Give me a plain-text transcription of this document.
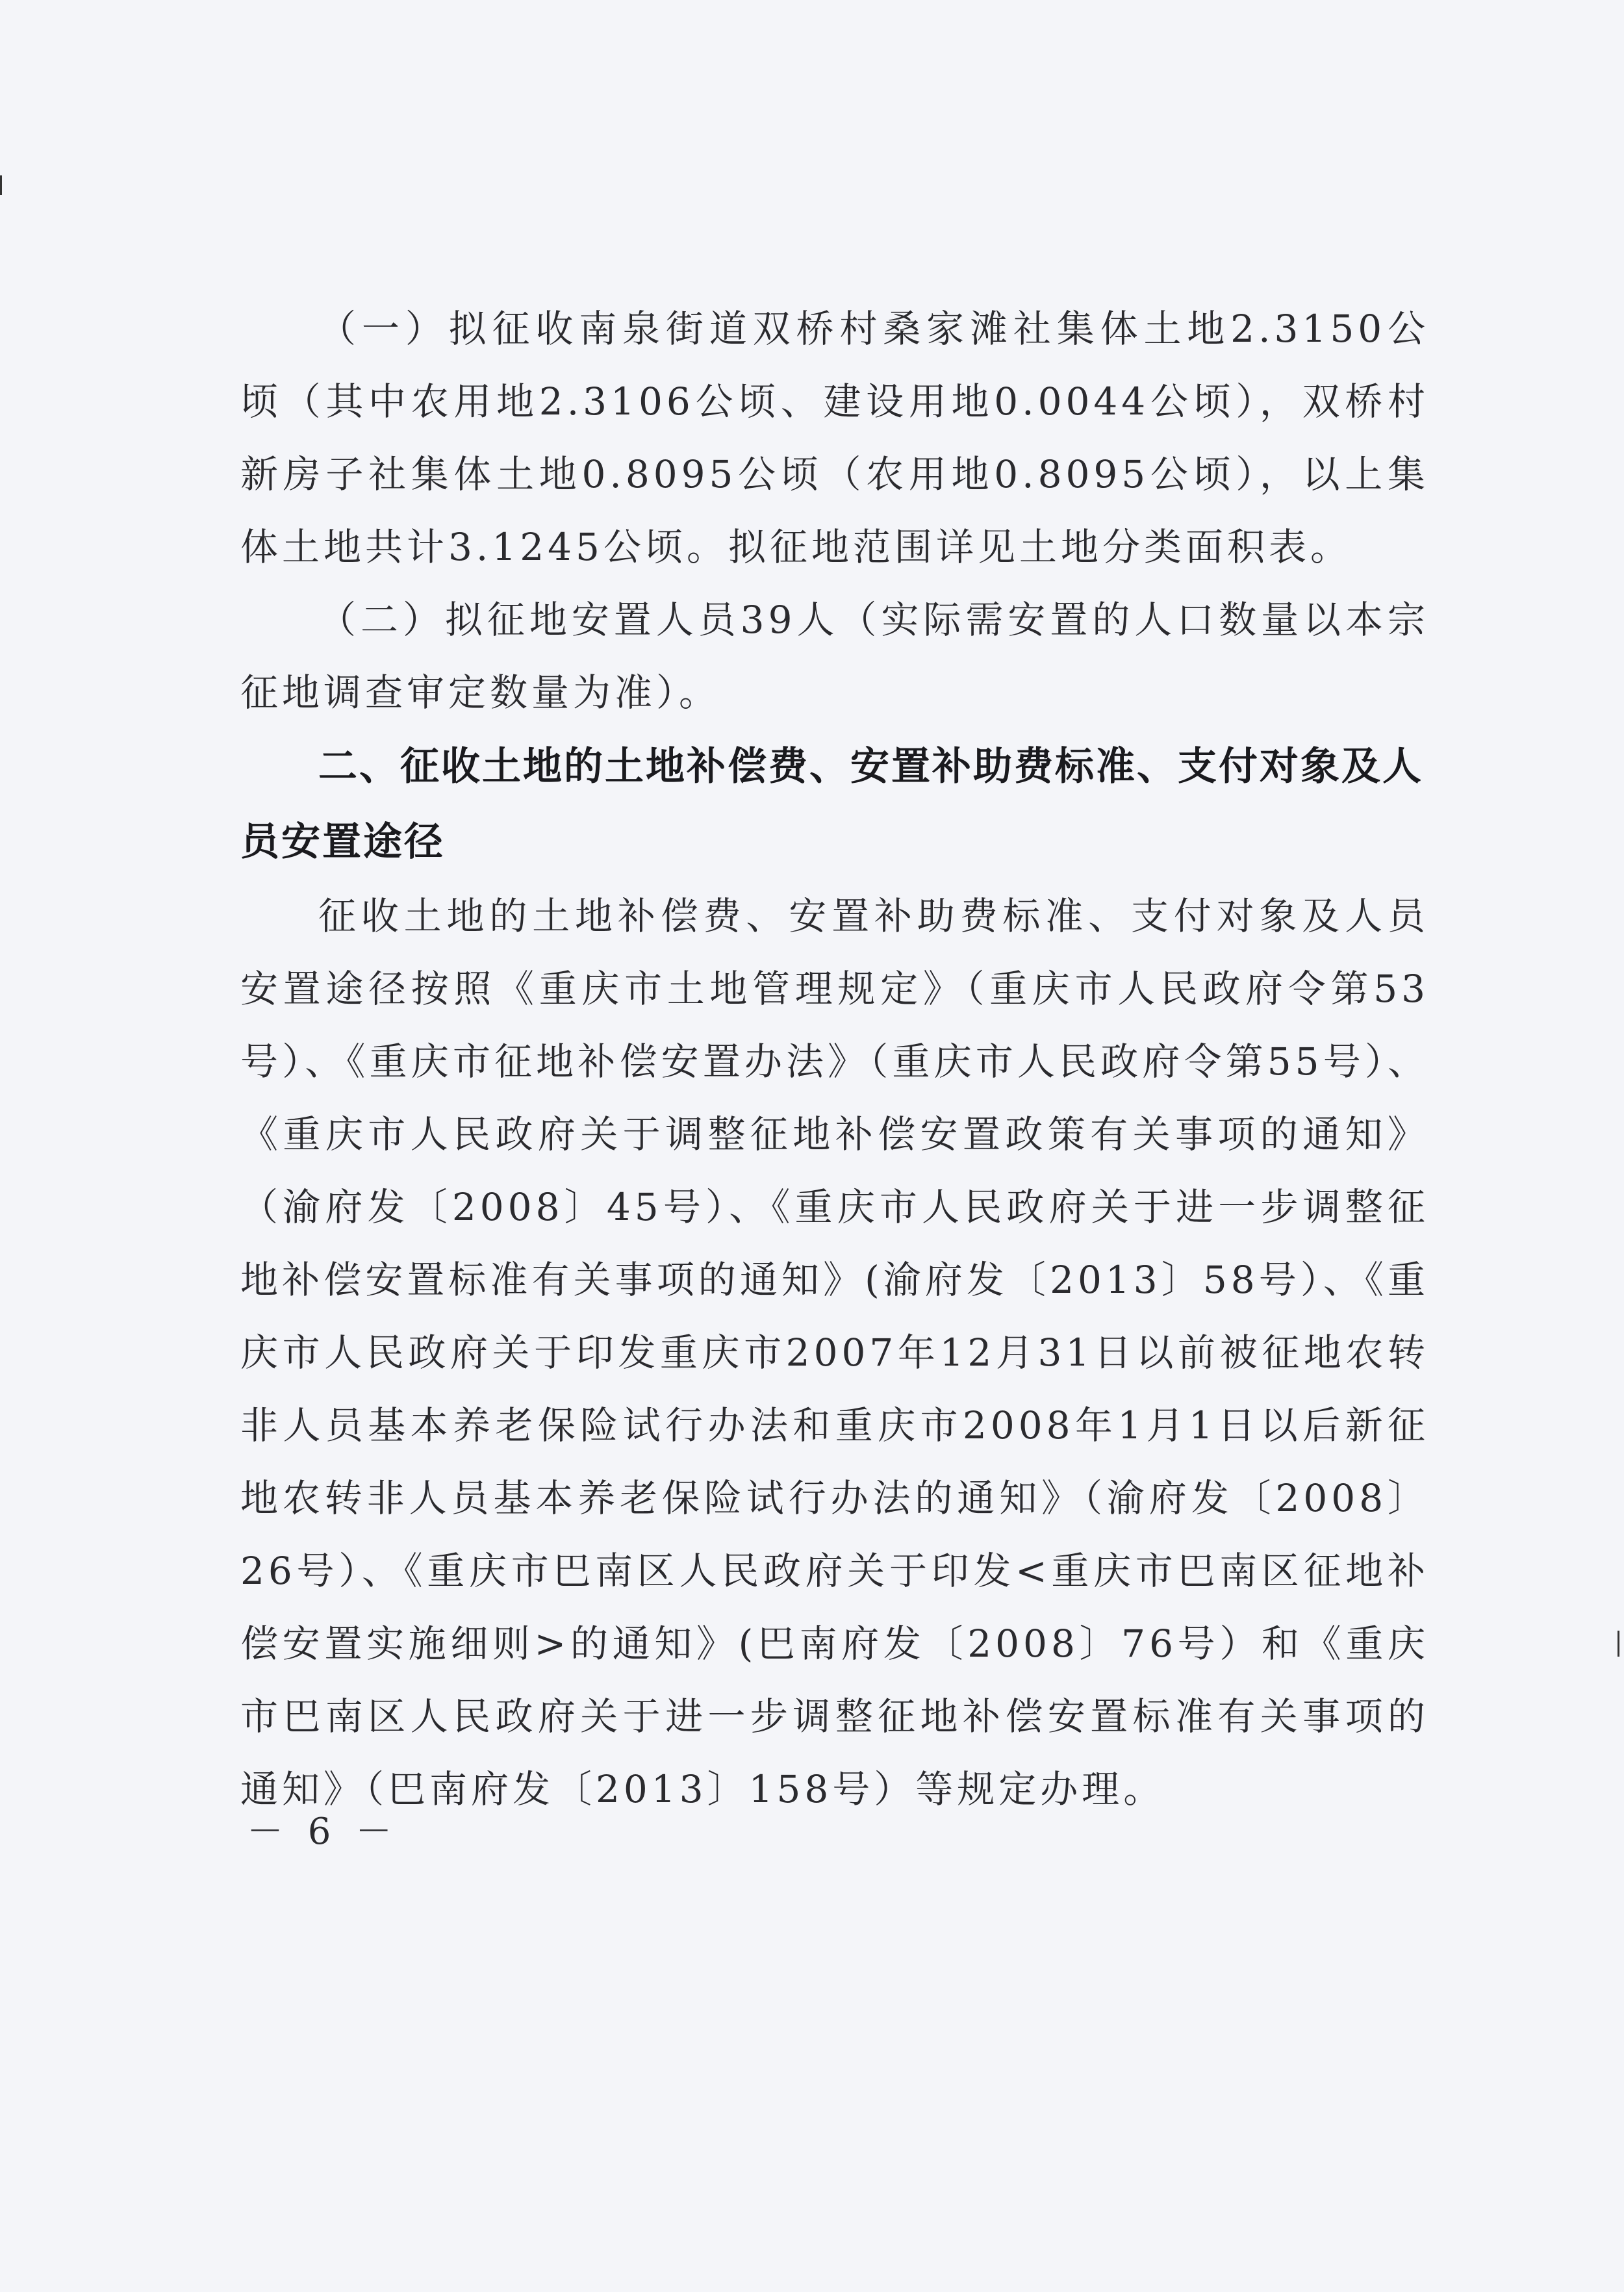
（一）拟征收南泉街道双桥村桑家滩社集体土地2.3150公顷（其中农用地2.3106公顷、建设用地0.0044公顷），双桥村新房子社集体土地0.8095公顷（农用地0.8095公顷），以上集体土地共计3.1245公顷。拟征地范围详见土地分类面积表。

（二）拟征地安置人员39人（实际需安置的人口数量以本宗征地调查审定数量为准）。

二、征收土地的土地补偿费、安置补助费标准、支付对象及人员安置途径

征收土地的土地补偿费、安置补助费标准、支付对象及人员安置途径按照《重庆市土地管理规定》（重庆市人民政府令第53号）、《重庆市征地补偿安置办法》（重庆市人民政府令第55号）、《重庆市人民政府关于调整征地补偿安置政策有关事项的通知》（渝府发〔2008〕45号）、《重庆市人民政府关于进一步调整征地补偿安置标准有关事项的通知》(渝府发〔2013〕58号）、《重庆市人民政府关于印发重庆市2007年12月31日以前被征地农转非人员基本养老保险试行办法和重庆市2008年1月1日以后新征地农转非人员基本养老保险试行办法的通知》（渝府发〔2008〕26号）、《重庆市巴南区人民政府关于印发<重庆市巴南区征地补偿安置实施细则>的通知》(巴南府发〔2008〕76号）和《重庆市巴南区人民政府关于进一步调整征地补偿安置标准有关事项的通知》（巴南府发〔2013〕158号）等规定办理。

－ 6 －
